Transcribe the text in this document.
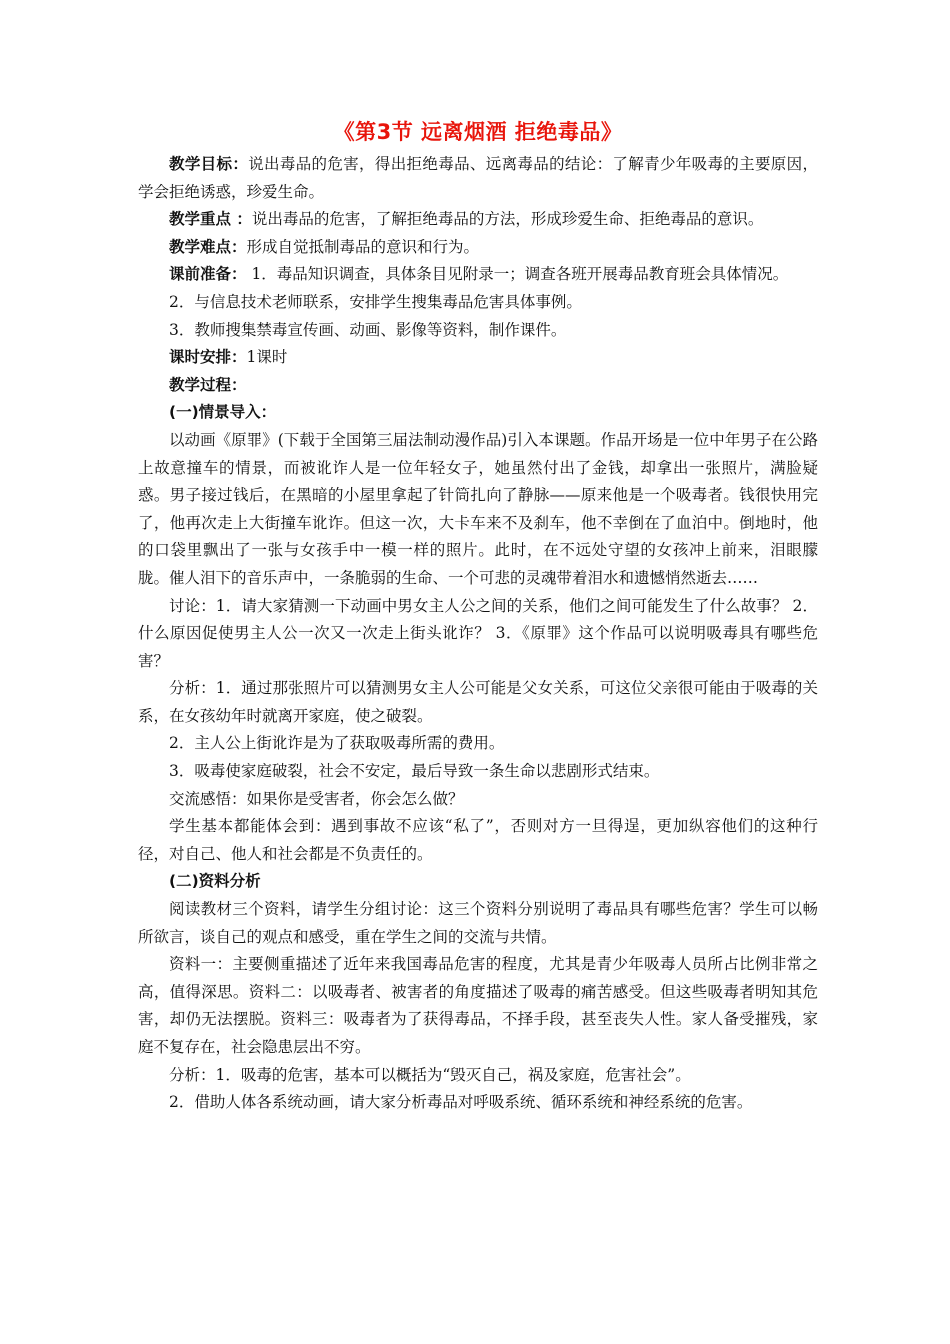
《第3节 远离烟酒 拒绝毒品》

教学目标：说出毒品的危害，得出拒绝毒品、远离毒品的结论：了解青少年吸毒的主要原因，学会拒绝诱惑，珍爱生命。

教学重点 ：说出毒品的危害，了解拒绝毒品的方法，形成珍爱生命、拒绝毒品的意识。

教学难点：形成自觉抵制毒品的意识和行为。

课前准备： 1．毒品知识调查，具体条目见附录一；调查各班开展毒品教育班会具体情况。

2．与信息技术老师联系，安排学生搜集毒品危害具体事例。

3．教师搜集禁毒宣传画、动画、影像等资料，制作课件。

课时安排：1课时

教学过程：

(一)情景导入：

以动画《原罪》(下载于全国第三届法制动漫作品)引入本课题。作品开场是一位中年男子在公路上故意撞车的情景，而被讹诈人是一位年轻女子，她虽然付出了金钱，却拿出一张照片，满脸疑惑。男子接过钱后，在黑暗的小屋里拿起了针筒扎向了静脉——原来他是一个吸毒者。钱很快用完了，他再次走上大街撞车讹诈。但这一次，大卡车来不及刹车，他不幸倒在了血泊中。倒地时，他的口袋里飘出了一张与女孩手中一模一样的照片。此时，在不远处守望的女孩冲上前来，泪眼朦胧。催人泪下的音乐声中，一条脆弱的生命、一个可悲的灵魂带着泪水和遗憾悄然逝去……

讨论：1．请大家猜测一下动画中男女主人公之间的关系，他们之间可能发生了什么故事？ 2．什么原因促使男主人公一次又一次走上街头讹诈？ 3．《原罪》这个作品可以说明吸毒具有哪些危害？

分析：1．通过那张照片可以猜测男女主人公可能是父女关系，可这位父亲很可能由于吸毒的关系，在女孩幼年时就离开家庭，使之破裂。

2．主人公上街讹诈是为了获取吸毒所需的费用。

3．吸毒使家庭破裂，社会不安定，最后导致一条生命以悲剧形式结束。

交流感悟：如果你是受害者，你会怎么做？

学生基本都能体会到：遇到事故不应该“私了”，否则对方一旦得逞，更加纵容他们的这种行径，对自己、他人和社会都是不负责任的。

(二)资料分析

阅读教材三个资料，请学生分组讨论：这三个资料分别说明了毒品具有哪些危害？学生可以畅所欲言，谈自己的观点和感受，重在学生之间的交流与共情。

资料一：主要侧重描述了近年来我国毒品危害的程度，尤其是青少年吸毒人员所占比例非常之高，值得深思。资料二：以吸毒者、被害者的角度描述了吸毒的痛苦感受。但这些吸毒者明知其危害，却仍无法摆脱。资料三：吸毒者为了获得毒品，不择手段，甚至丧失人性。家人备受摧残，家庭不复存在，社会隐患层出不穷。

分析：1．吸毒的危害，基本可以概括为“毁灭自己，祸及家庭，危害社会”。

2．借助人体各系统动画，请大家分析毒品对呼吸系统、循环系统和神经系统的危害。
